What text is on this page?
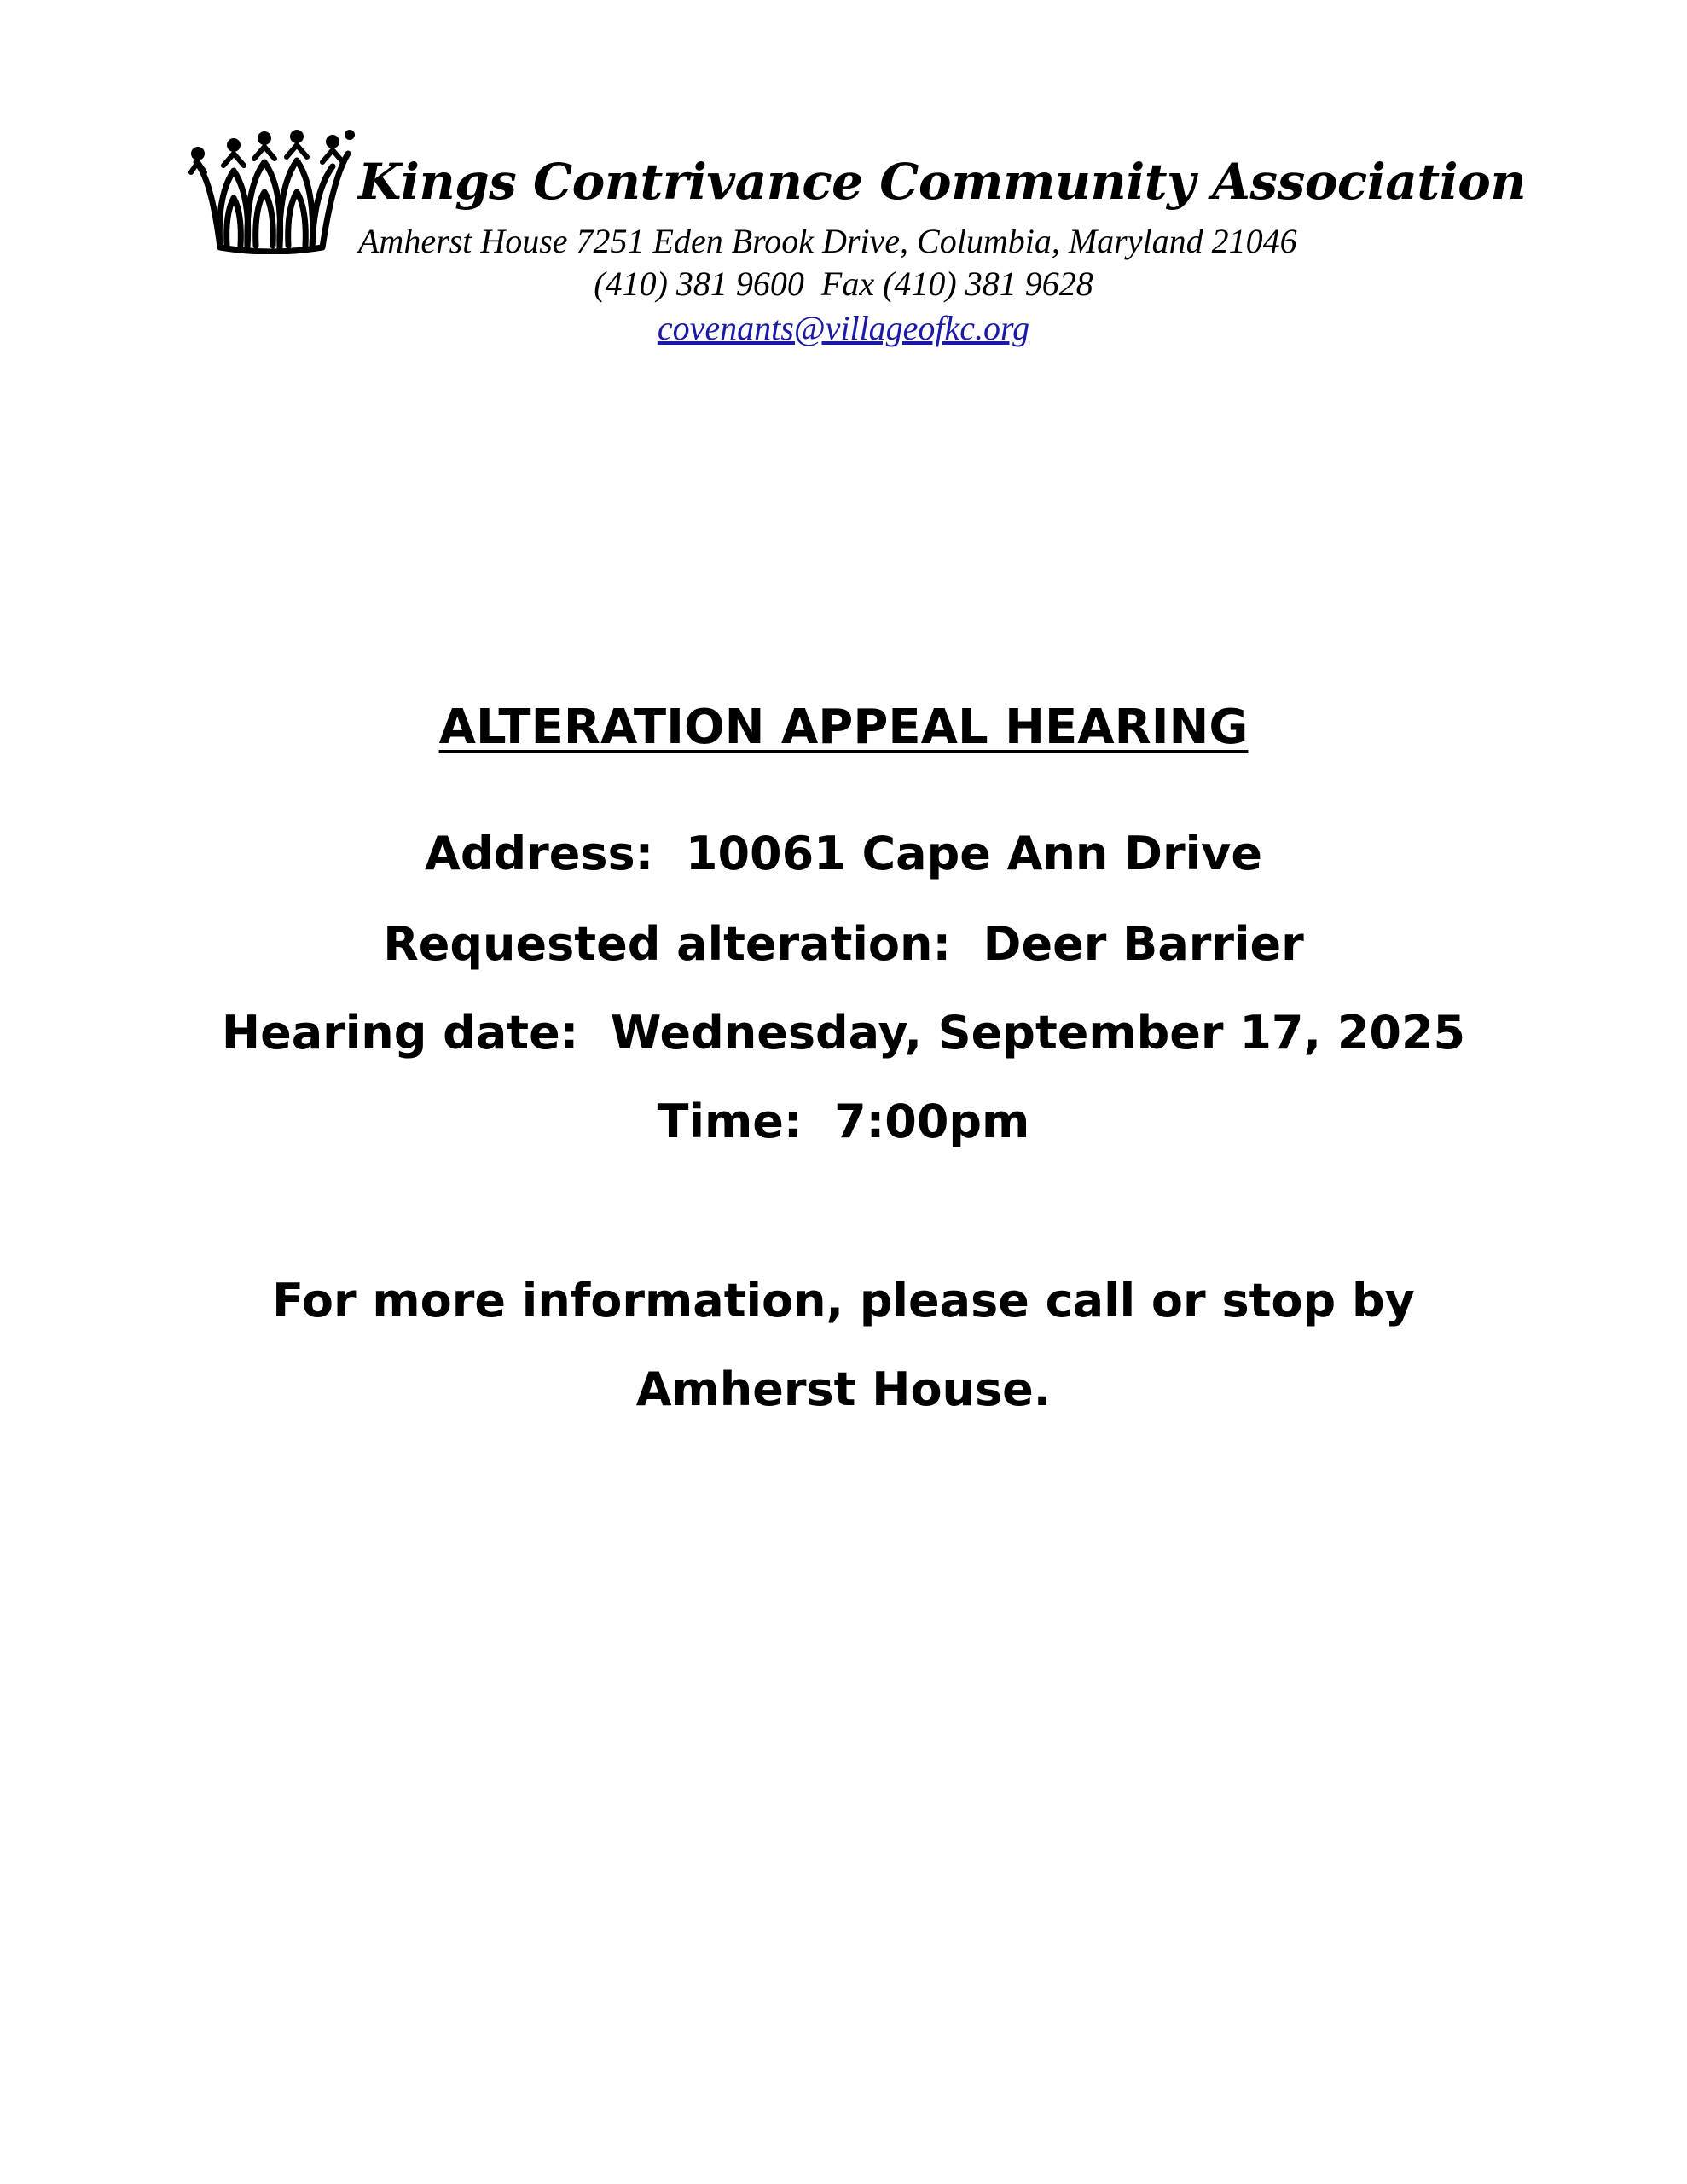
Kings Contrivance Community Association
Amherst House 7251 Eden Brook Drive, Columbia, Maryland 21046
(410) 381 9600  Fax (410) 381 9628
covenants@villageofkc.org
ALTERATION APPEAL HEARING
Address:  10061 Cape Ann Drive
Requested alteration:  Deer Barrier
Hearing date:  Wednesday, September 17, 2025
Time:  7:00pm
For more information, please call or stop by
Amherst House.
